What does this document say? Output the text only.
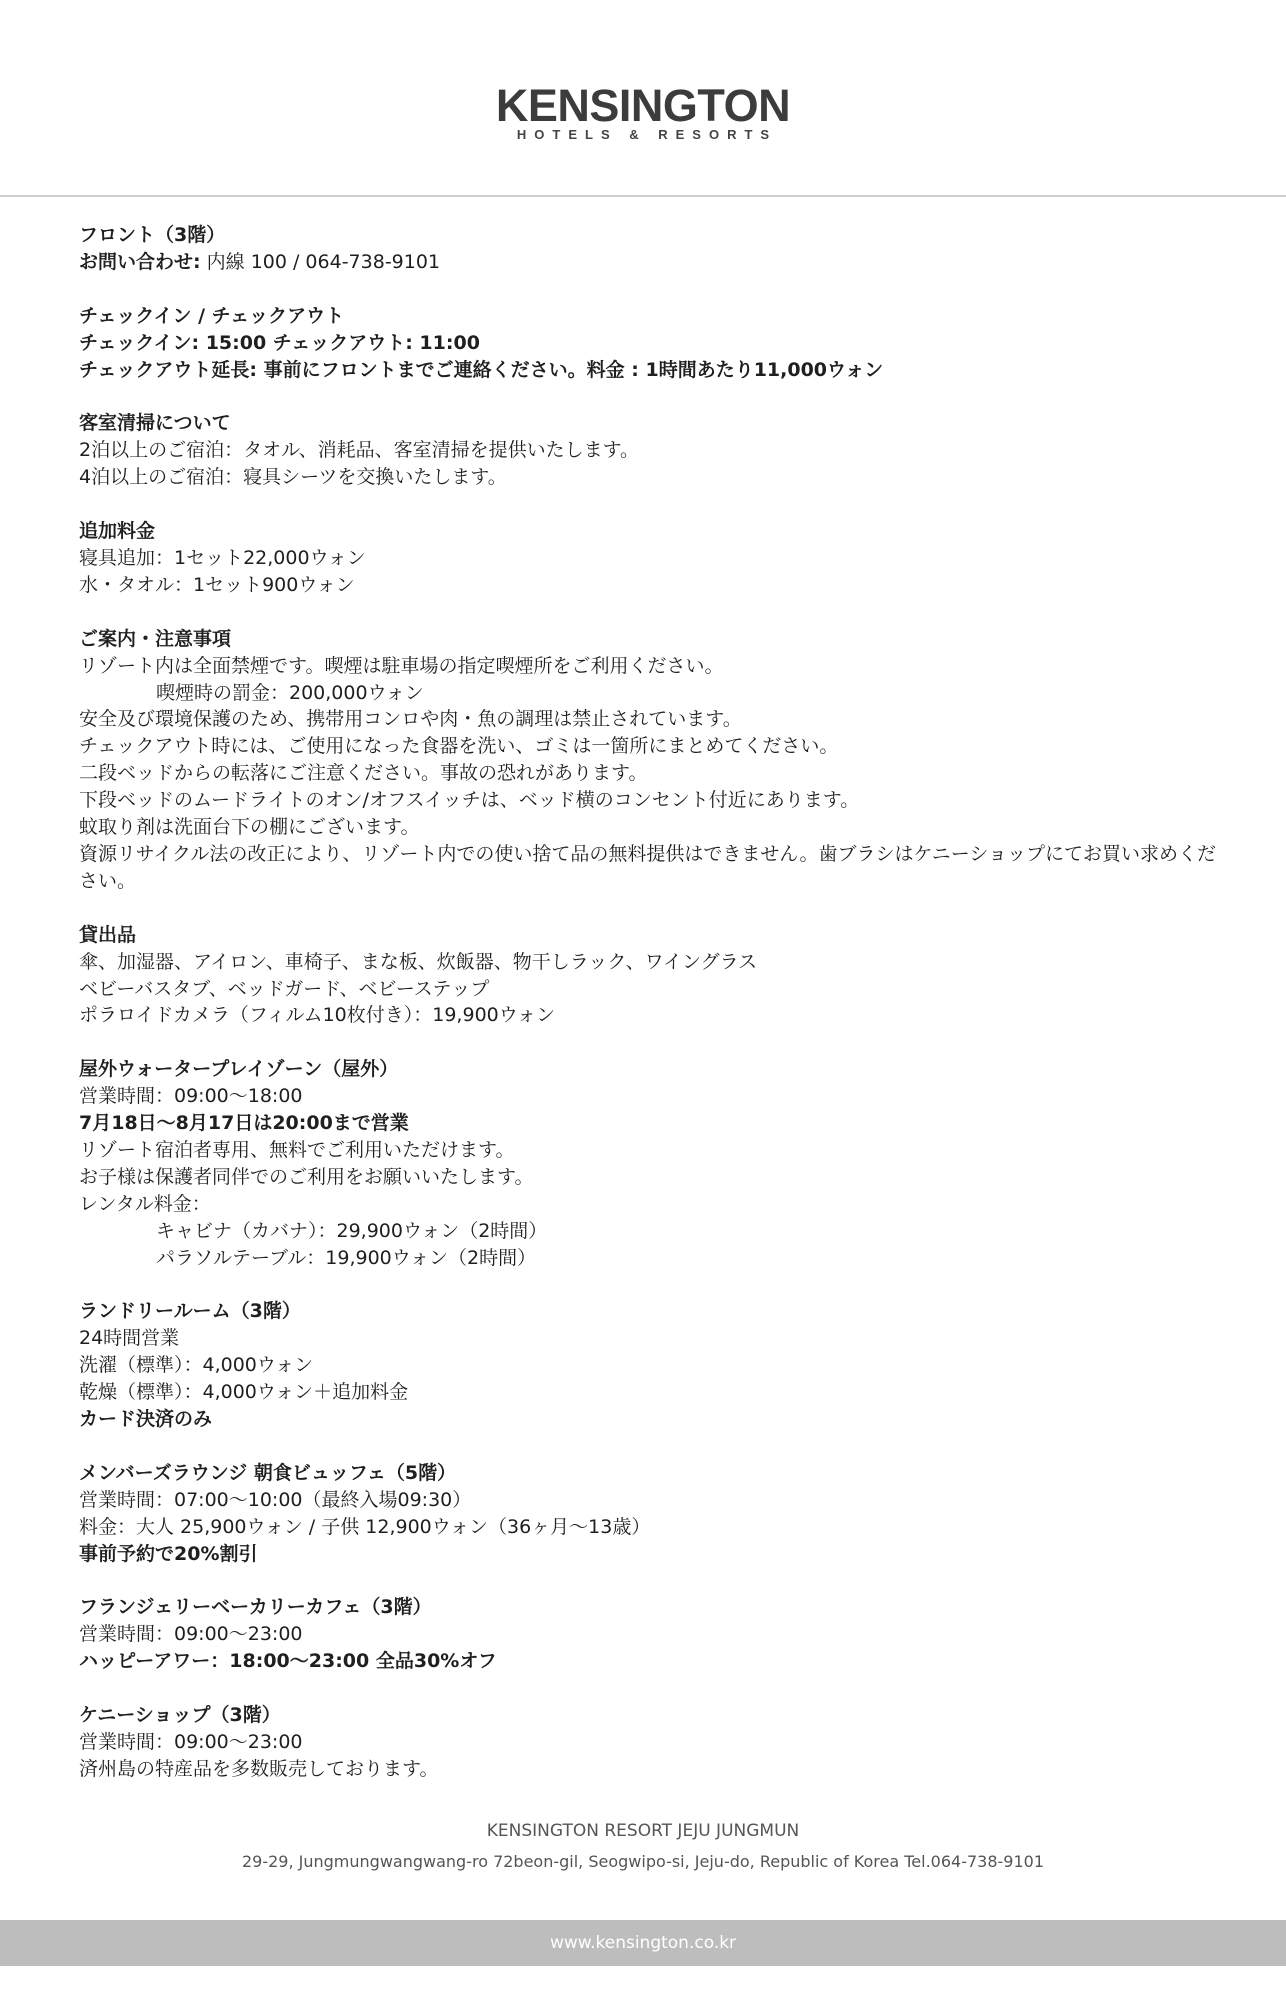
KENSINGTON
HOTELS & RESORTS
フロント（3階）
お問い合わせ: 内線 100 / 064-738-9101
チェックイン / チェックアウト
チェックイン: 15:00 チェックアウト: 11:00
チェックアウト延長: 事前にフロントまでご連絡ください。料金 : 1時間あたり11,000ウォン
客室清掃について
2泊以上のご宿泊：タオル、消耗品、客室清掃を提供いたします。
4泊以上のご宿泊：寝具シーツを交換いたします。
追加料金
寝具追加：1セット22,000ウォン
水・タオル：1セット900ウォン
ご案内・注意事項
リゾート内は全面禁煙です。喫煙は駐車場の指定喫煙所をご利用ください。
喫煙時の罰金：200,000ウォン
安全及び環境保護のため、携帯用コンロや肉・魚の調理は禁止されています。
チェックアウト時には、ご使用になった食器を洗い、ゴミは一箇所にまとめてください。
二段ベッドからの転落にご注意ください。事故の恐れがあります。
下段ベッドのムードライトのオン/オフスイッチは、ベッド横のコンセント付近にあります。
蚊取り剤は洗面台下の棚にございます。
資源リサイクル法の改正により、リゾート内での使い捨て品の無料提供はできません。歯ブラシはケニーショップにてお買い求めください。
貸出品
傘、加湿器、アイロン、車椅子、まな板、炊飯器、物干しラック、ワイングラス
ベビーバスタブ、ベッドガード、ベビーステップ
ポラロイドカメラ（フィルム10枚付き）：19,900ウォン
屋外ウォータープレイゾーン（屋外）
営業時間：09:00～18:00
7月18日～8月17日は20:00まで営業
リゾート宿泊者専用、無料でご利用いただけます。
お子様は保護者同伴でのご利用をお願いいたします。
レンタル料金：
キャビナ（カバナ）：29,900ウォン（2時間）
パラソルテーブル：19,900ウォン（2時間）
ランドリールーム（3階）
24時間営業
洗濯（標準）：4,000ウォン
乾燥（標準）：4,000ウォン＋追加料金
カード決済のみ
メンバーズラウンジ 朝食ビュッフェ（5階）
営業時間：07:00～10:00（最終入場09:30）
料金：大人 25,900ウォン / 子供 12,900ウォン（36ヶ月～13歳）
事前予約で20%割引
フランジェリーベーカリーカフェ（3階）
営業時間：09:00～23:00
ハッピーアワー：18:00～23:00 全品30%オフ
ケニーショップ（3階）
営業時間：09:00～23:00
済州島の特産品を多数販売しております。
KENSINGTON RESORT JEJU JUNGMUN
29-29, Jungmungwangwang-ro 72beon-gil, Seogwipo-si, Jeju-do, Republic of Korea Tel.064-738-9101
www.kensington.co.kr
